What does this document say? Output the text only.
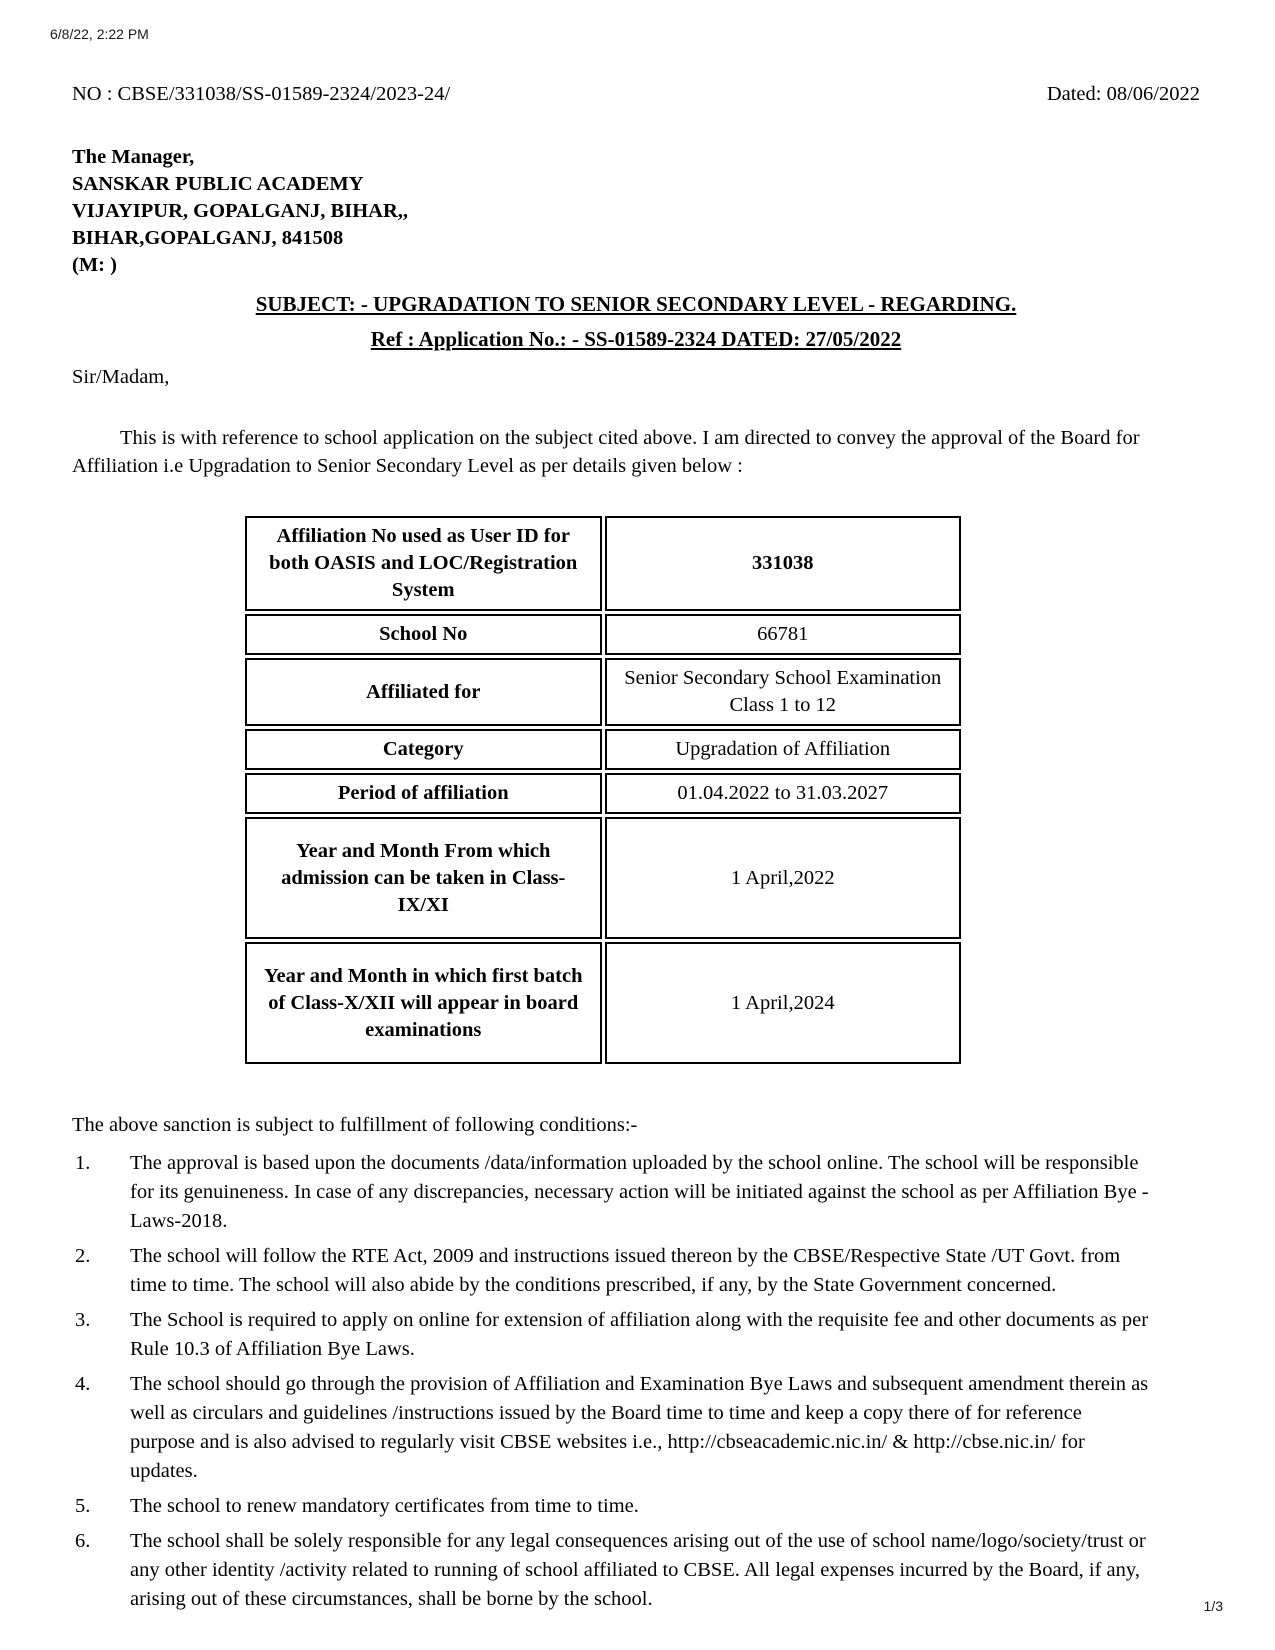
6/8/22, 2:22 PM
NO : CBSE/331038/SS-01589-2324/2023-24/	Dated: 08/06/2022
The Manager,
SANSKAR PUBLIC ACADEMY
VIJAYIPUR, GOPALGANJ, BIHAR,,
BIHAR,GOPALGANJ, 841508
(M: )
SUBJECT: - UPGRADATION TO SENIOR SECONDARY LEVEL - REGARDING.
Ref : Application No.: - SS-01589-2324 DATED: 27/05/2022
Sir/Madam,

This is with reference to school application on the subject cited above. I am directed to convey the approval of the Board for Affiliation i.e Upgradation to Senior Secondary Level as per details given below :

Affiliation No used as User ID for both OASIS and LOC/Registration System	331038
School No	66781
Affiliated for	Senior Secondary School Examination Class 1 to 12
Category	Upgradation of Affiliation
Period of affiliation	01.04.2022 to 31.03.2027
Year and Month From which admission can be taken in Class-IX/XI	1 April,2022
Year and Month in which first batch of Class-X/XII will appear in board examinations	1 April,2024

The above sanction is subject to fulfillment of following conditions:-

1. The approval is based upon the documents /data/information uploaded by the school online. The school will be responsible for its genuineness. In case of any discrepancies, necessary action will be initiated against the school as per Affiliation Bye -Laws-2018.
2. The school will follow the RTE Act, 2009 and instructions issued thereon by the CBSE/Respective State /UT Govt. from time to time. The school will also abide by the conditions prescribed, if any, by the State Government concerned.
3. The School is required to apply on online for extension of affiliation along with the requisite fee and other documents as per Rule 10.3 of Affiliation Bye Laws.
4. The school should go through the provision of Affiliation and Examination Bye Laws and subsequent amendment therein as well as circulars and guidelines /instructions issued by the Board time to time and keep a copy there of for reference purpose and is also advised to regularly visit CBSE websites i.e., http://cbseacademic.nic.in/ & http://cbse.nic.in/ for updates.
5. The school to renew mandatory certificates from time to time.
6. The school shall be solely responsible for any legal consequences arising out of the use of school name/logo/society/trust or any other identity /activity related to running of school affiliated to CBSE. All legal expenses incurred by the Board, if any, arising out of these circumstances, shall be borne by the school.	1/3
